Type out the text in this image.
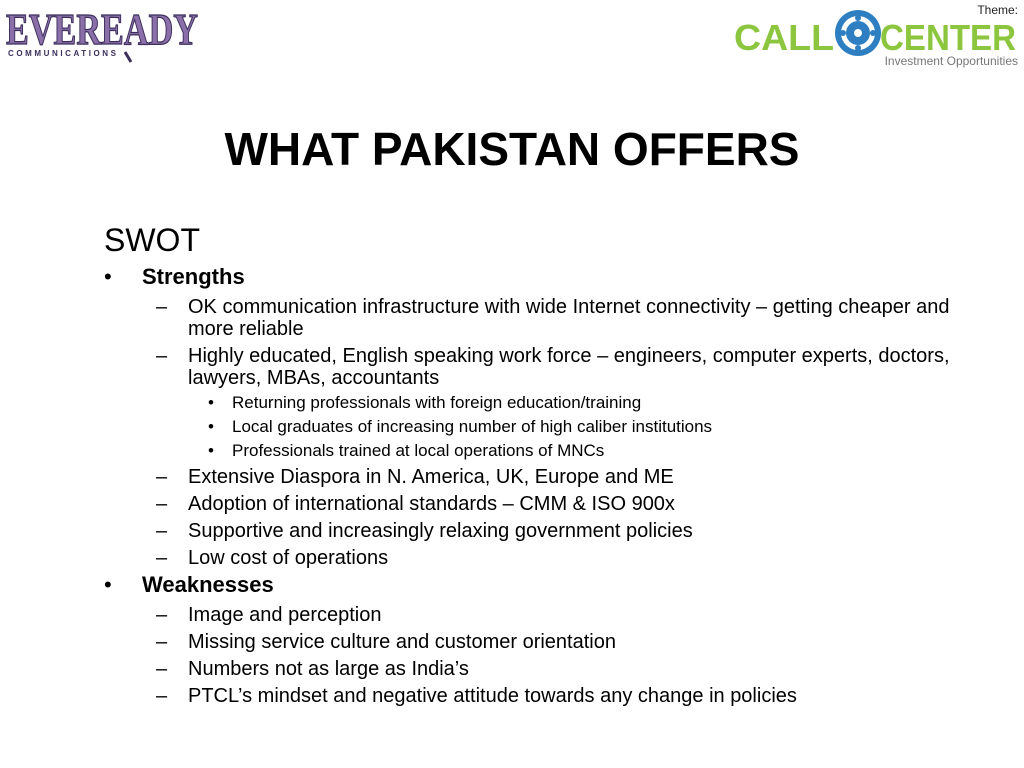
EVEREADY
COMMUNICATIONS
Theme:
CALL CENTER
Investment Opportunities
WHAT PAKISTAN OFFERS
SWOT
• Strengths
– OK communication infrastructure with wide Internet connectivity – getting cheaper and more reliable
– Highly educated, English speaking work force – engineers, computer experts, doctors, lawyers, MBAs, accountants
• Returning professionals with foreign education/training
• Local graduates of increasing number of high caliber institutions
• Professionals trained at local operations of MNCs
– Extensive Diaspora in N. America, UK, Europe and ME
– Adoption of international standards – CMM & ISO 900x
– Supportive and increasingly relaxing government policies
– Low cost of operations
• Weaknesses
– Image and perception
– Missing service culture and customer orientation
– Numbers not as large as India’s
– PTCL’s mindset and negative attitude towards any change in policies
